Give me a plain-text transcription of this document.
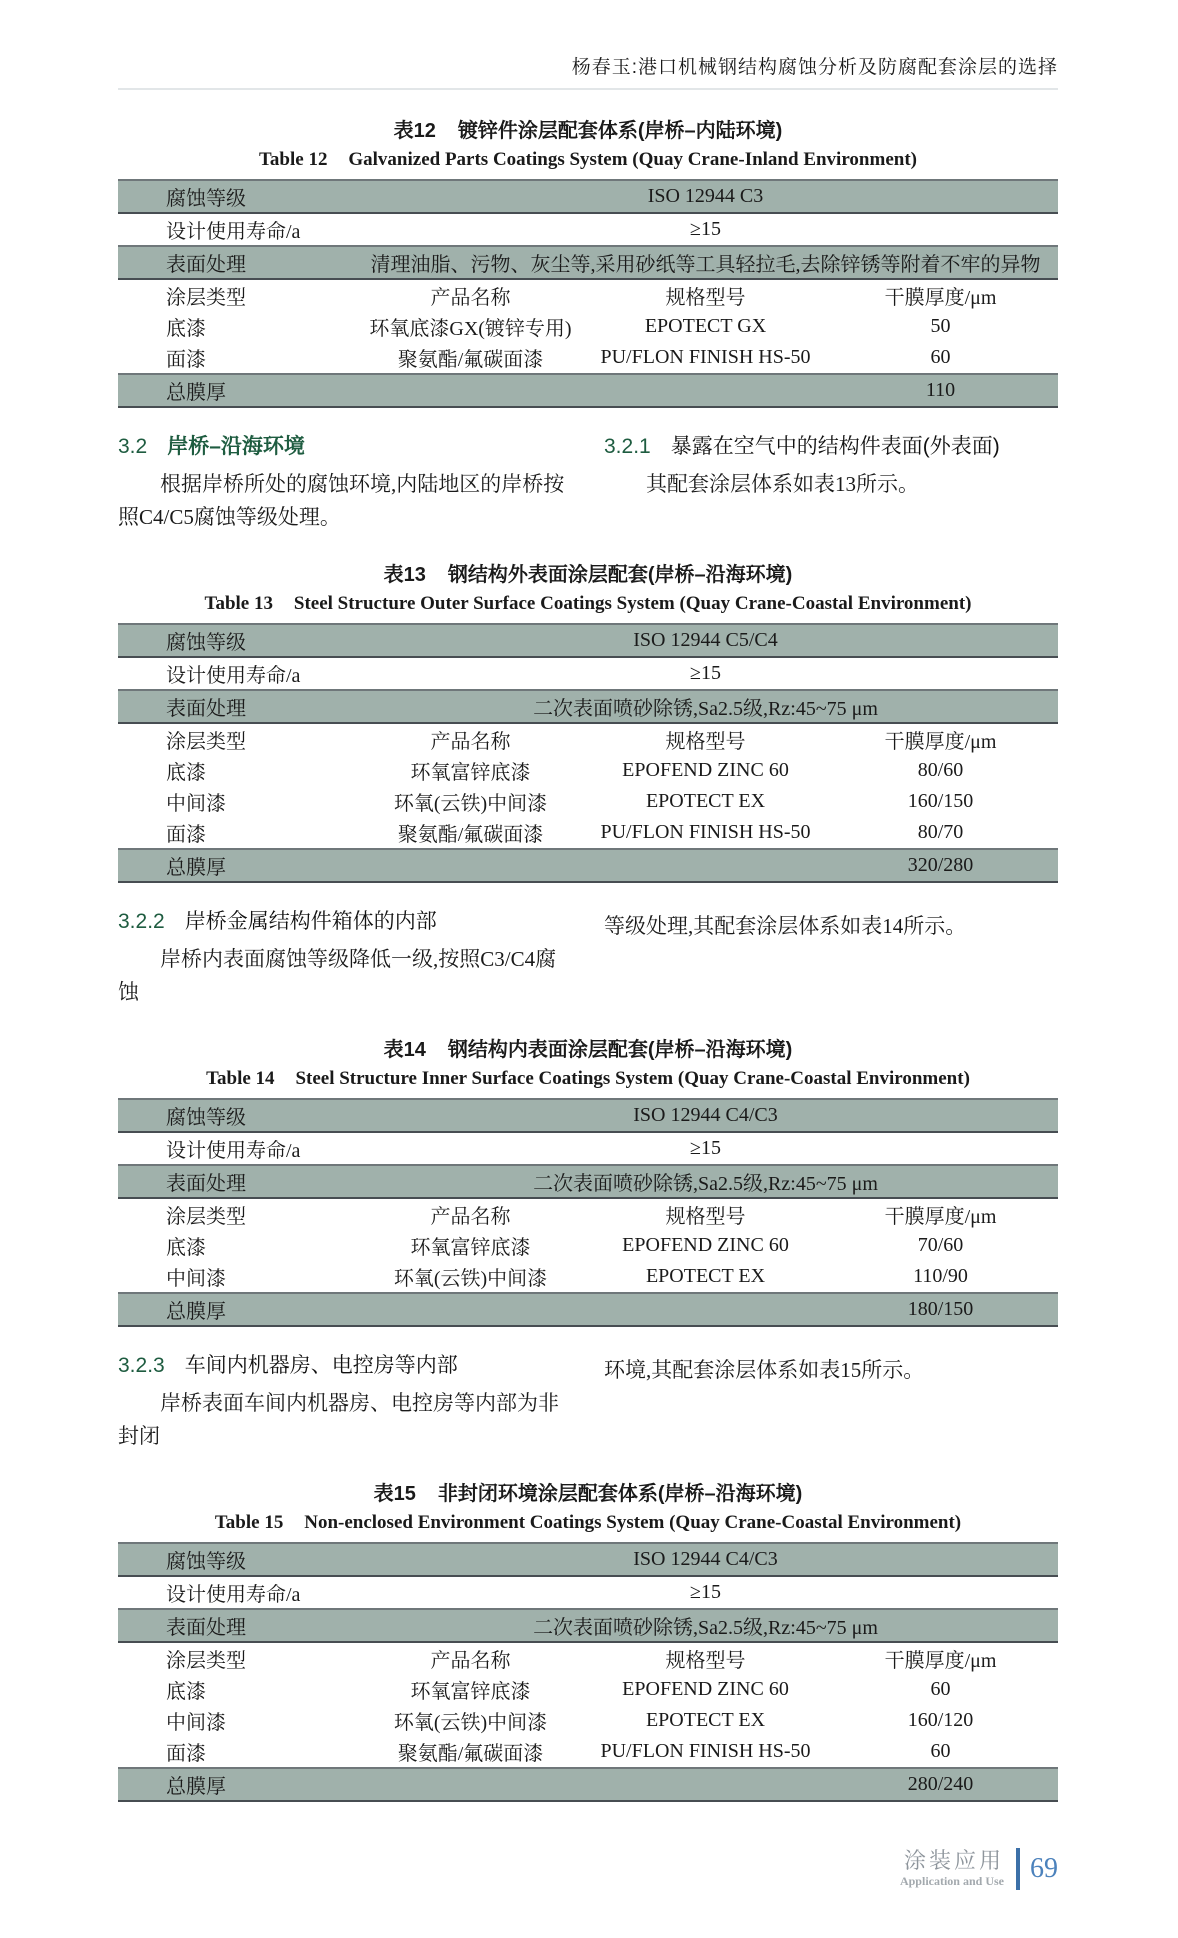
杨春玉:港口机械钢结构腐蚀分析及防腐配套涂层的选择
表12 镀锌件涂层配套体系(岸桥–内陆环境)
Table 12 Galvanized Parts Coatings System (Quay Crane-Inland Environment)
腐蚀等级	ISO 12944 C3		
设计使用寿命/a	≥15		
表面处理	清理油脂、污物、灰尘等,采用砂纸等工具轻拉毛,去除锌锈等附着不牢的异物		
涂层类型	产品名称	规格型号	干膜厚度/μm
底漆	环氧底漆GX(镀锌专用)	EPOTECT GX	50
面漆	聚氨酯/氟碳面漆	PU/FLON FINISH HS-50	60
总膜厚			110
3.2 岸桥–沿海环境

根据岸桥所处的腐蚀环境,内陆地区的岸桥按照C4/C5腐蚀等级处理。

3.2.1 暴露在空气中的结构件表面(外表面)

其配套涂层体系如表13所示。

表13 钢结构外表面涂层配套(岸桥–沿海环境)
Table 13 Steel Structure Outer Surface Coatings System (Quay Crane-Coastal Environment)
腐蚀等级	ISO 12944 C5/C4		
设计使用寿命/a	≥15		
表面处理	二次表面喷砂除锈,Sa2.5级,Rz:45~75 μm		
涂层类型	产品名称	规格型号	干膜厚度/μm
底漆	环氧富锌底漆	EPOFEND ZINC 60	80/60
中间漆	环氧(云铁)中间漆	EPOTECT EX	160/150
面漆	聚氨酯/氟碳面漆	PU/FLON FINISH HS-50	80/70
总膜厚			320/280
3.2.2 岸桥金属结构件箱体的内部

岸桥内表面腐蚀等级降低一级,按照C3/C4腐蚀

等级处理,其配套涂层体系如表14所示。

表14 钢结构内表面涂层配套(岸桥–沿海环境)
Table 14 Steel Structure Inner Surface Coatings System (Quay Crane-Coastal Environment)
腐蚀等级	ISO 12944 C4/C3		
设计使用寿命/a	≥15		
表面处理	二次表面喷砂除锈,Sa2.5级,Rz:45~75 μm		
涂层类型	产品名称	规格型号	干膜厚度/μm
底漆	环氧富锌底漆	EPOFEND ZINC 60	70/60
中间漆	环氧(云铁)中间漆	EPOTECT EX	110/90
总膜厚			180/150
3.2.3 车间内机器房、电控房等内部

岸桥表面车间内机器房、电控房等内部为非封闭

环境,其配套涂层体系如表15所示。

表15 非封闭环境涂层配套体系(岸桥–沿海环境)
Table 15 Non-enclosed Environment Coatings System (Quay Crane-Coastal Environment)
腐蚀等级	ISO 12944 C4/C3		
设计使用寿命/a	≥15		
表面处理	二次表面喷砂除锈,Sa2.5级,Rz:45~75 μm		
涂层类型	产品名称	规格型号	干膜厚度/μm
底漆	环氧富锌底漆	EPOFEND ZINC 60	60
中间漆	环氧(云铁)中间漆	EPOTECT EX	160/120
面漆	聚氨酯/氟碳面漆	PU/FLON FINISH HS-50	60
总膜厚			280/240
涂装应用
Application and Use 69
